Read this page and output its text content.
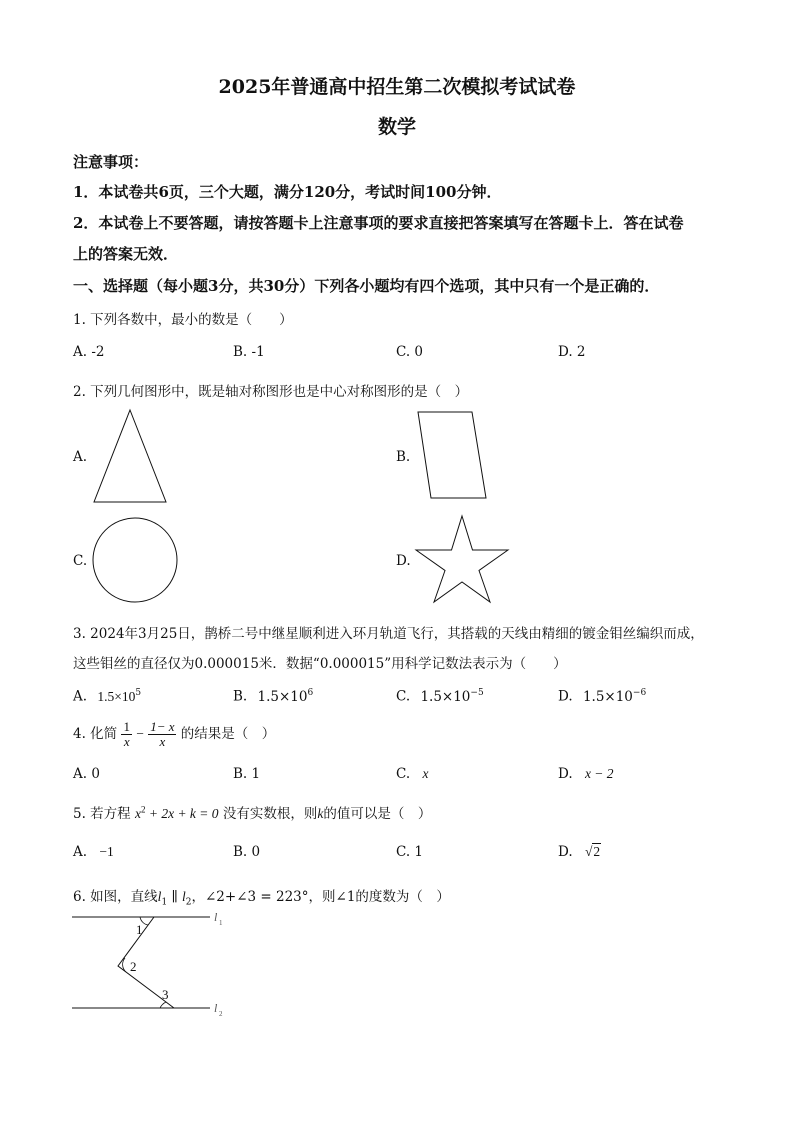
2025年普通高中招生第二次模拟考试试卷
数学
注意事项：
1．本试卷共6页，三个大题，满分120分，考试时间100分钟．
2．本试卷上不要答题，请按答题卡上注意事项的要求直接把答案填写在答题卡上．答在试卷
上的答案无效．
一、选择题（每小题3分，共30分）下列各小题均有四个选项，其中只有一个是正确的．
1. 下列各数中，最小的数是（　　）
A. -2	B. -1	C. 0	D. 2
2. 下列几何图形中，既是轴对称图形也是中心对称图形的是（　）
A.	B.
C.	D.
3. 2024年3月25日，鹊桥二号中继星顺利进入环月轨道飞行，其搭载的天线由精细的镀金钼丝编织而成，
这些钼丝的直径仅为0.000015米．数据“0.000015”用科学记数法表示为（　　）
A. $1.5\times 10^5$	B. $1.5\times 10^6$	C. $1.5\times 10^{-5}$	D. $1.5\times 10^{-6}$
4. 化简 $\frac{1}{x} - \frac{1- x}{x}$ 的结果是（　）
A. 0	B. 1	C. x	D. x − 2
5. 若方程 $x^2 + 2x + k = 0$ 没有实数根，则k的值可以是（　）
A. −1	B. 0	C. 1	D. √2
6. 如图，直线$l_1$ ∥ $l_2$，∠2+∠3 = 223°，则∠1的度数为（　）
1
2
3
l 1
l 2
